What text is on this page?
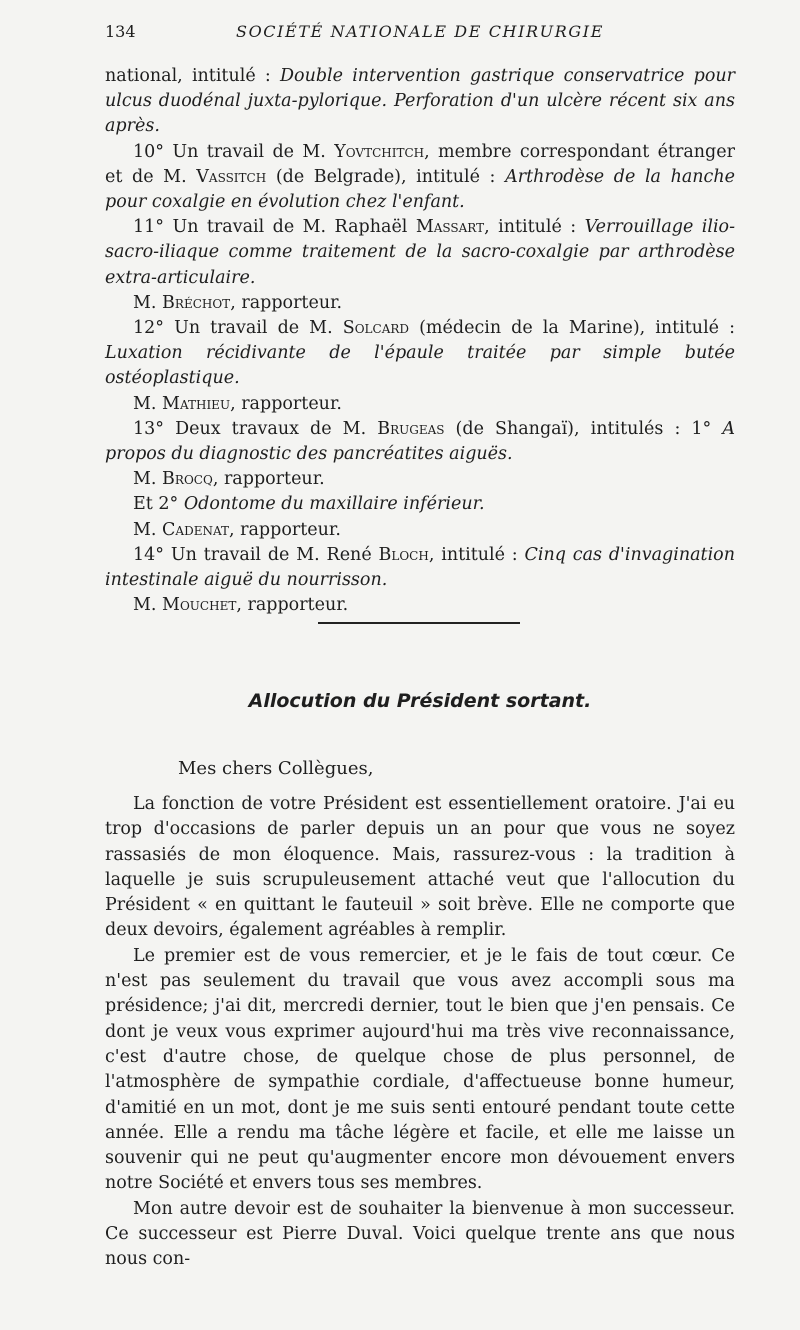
134	SOCIÉTÉ NATIONALE DE CHIRURGIE

national, intitulé : Double intervention gastrique conservatrice pour ulcus duodénal juxta-pylorique. Perforation d'un ulcère récent six ans après.

10° Un travail de M. Yovtchitch, membre correspondant étranger et de M. Vassitch (de Belgrade), intitulé : Arthrodèse de la hanche pour coxalgie en évolution chez l'enfant.

11° Un travail de M. Raphaël Massart, intitulé : Verrouillage ilio-sacro-iliaque comme traitement de la sacro-coxalgie par arthrodèse extra-articulaire.

M. Bréchot, rapporteur.

12° Un travail de M. Solcard (médecin de la Marine), intitulé : Luxation récidivante de l'épaule traitée par simple butée ostéoplastique.

M. Mathieu, rapporteur.

13° Deux travaux de M. Brugeas (de Shangaï), intitulés : 1° A propos du diagnostic des pancréatites aiguës.

M. Brocq, rapporteur.

Et 2° Odontome du maxillaire inférieur.

M. Cadenat, rapporteur.

14° Un travail de M. René Bloch, intitulé : Cinq cas d'invagination intestinale aiguë du nourrisson.

M. Mouchet, rapporteur.

Allocution du Président sortant.
Mes chers Collègues,

La fonction de votre Président est essentiellement oratoire. J'ai eu trop d'occasions de parler depuis un an pour que vous ne soyez rassasiés de mon éloquence. Mais, rassurez-vous : la tradition à laquelle je suis scrupuleusement attaché veut que l'allocution du Président « en quittant le fauteuil » soit brève. Elle ne comporte que deux devoirs, également agréables à remplir.

Le premier est de vous remercier, et je le fais de tout cœur. Ce n'est pas seulement du travail que vous avez accompli sous ma présidence; j'ai dit, mercredi dernier, tout le bien que j'en pensais. Ce dont je veux vous exprimer aujourd'hui ma très vive reconnaissance, c'est d'autre chose, de quelque chose de plus personnel, de l'atmosphère de sympathie cordiale, d'affectueuse bonne humeur, d'amitié en un mot, dont je me suis senti entouré pendant toute cette année. Elle a rendu ma tâche légère et facile, et elle me laisse un souvenir qui ne peut qu'augmenter encore mon dévouement envers notre Société et envers tous ses membres.

Mon autre devoir est de souhaiter la bienvenue à mon successeur. Ce successeur est Pierre Duval. Voici quelque trente ans que nous nous con-
